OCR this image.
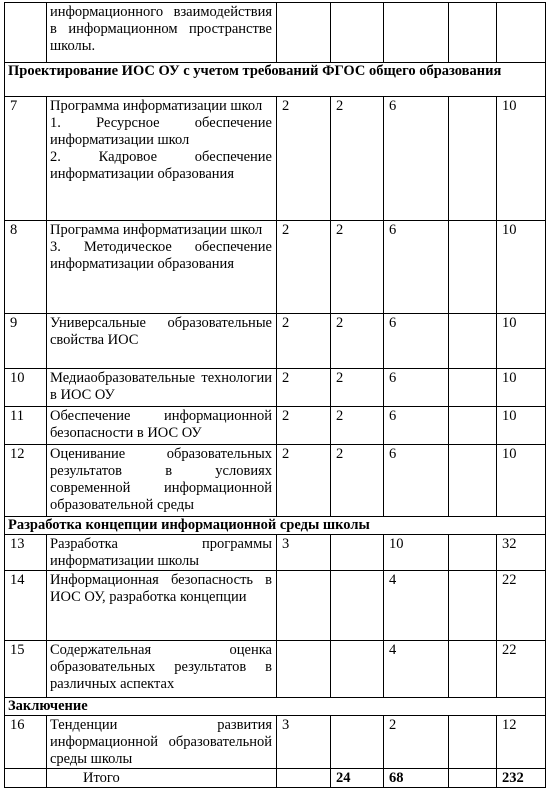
	информационного взаимодействия в информационном пространстве школы.					
Проектирование ИОС ОУ с учетом требований ФГОС общего образования						
7	Программа информатизации школ
1. Ресурсное обеспечение информатизации школ
2. Кадровое обеспечение информатизации образования	2	2	6		10
8	Программа информатизации школ
3. Методическое обеспечение информатизации образования	2	2	6		10
9	Универсальные образовательные свойства ИОС	2	2	6		10
10	Медиаобразовательные технологии в ИОС ОУ	2	2	6		10
11	Обеспечение информационной безопасности в ИОС ОУ	2	2	6		10
12	Оценивание образовательных результатов в условиях современной информационной образовательной среды	2	2	6		10
Разработка концепции информационной среды школы						
13	Разработка программы информатизации школы	3		10		32
14	Информационная безопасность в ИОС ОУ, разработка концепции			4		22
15	Содержательная оценка образовательных результатов в различных аспектах			4		22
Заключение						
16	Тенденции развития информационной образовательной среды школы	3		2		12
	Итого		24	68		232
